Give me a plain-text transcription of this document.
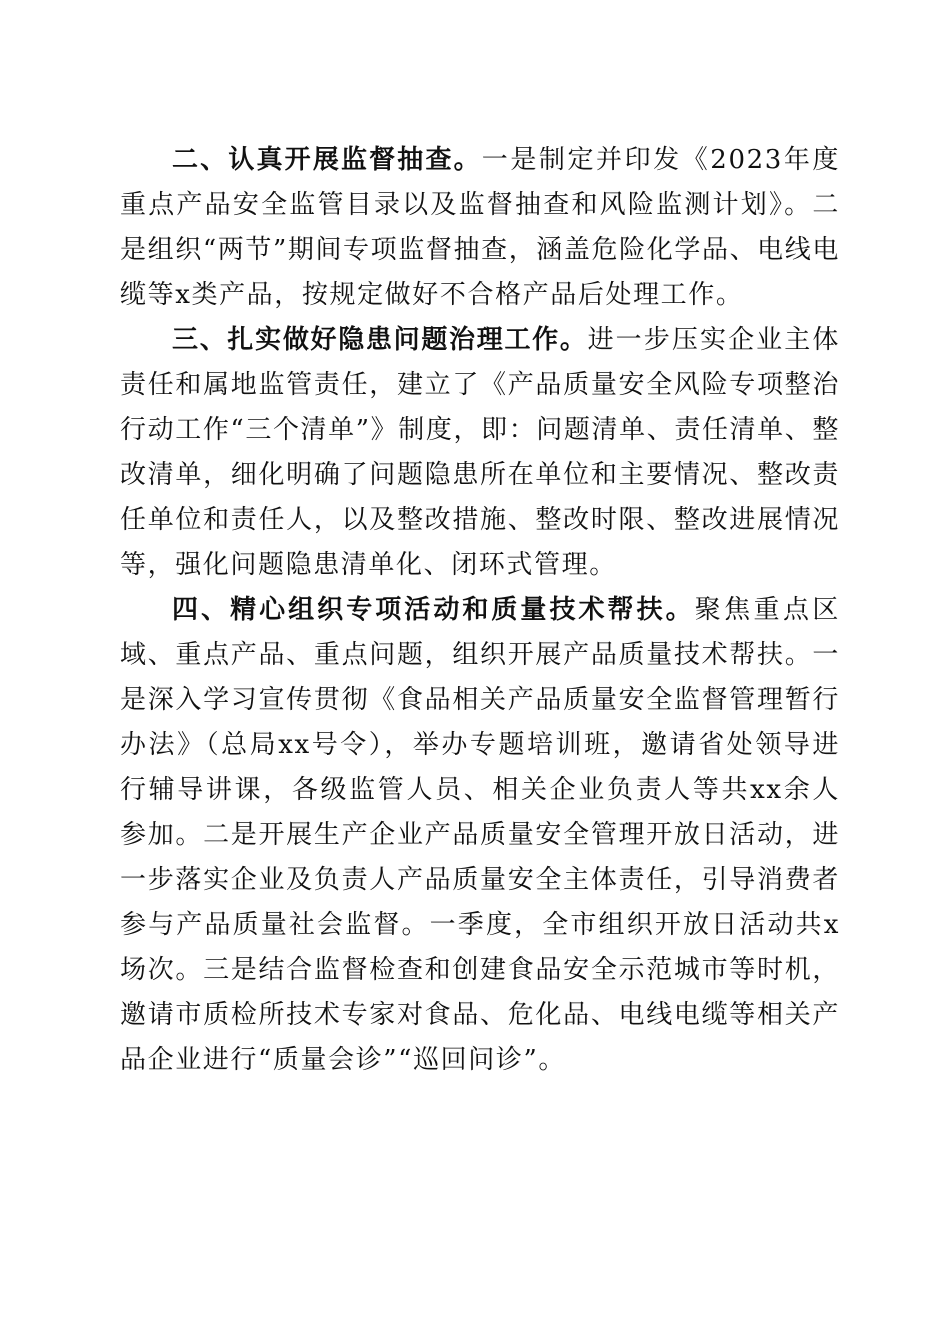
二、认真开展监督抽查。一是制定并印发《2023年度重点产品安全监管目录以及监督抽查和风险监测计划》。二是组织“两节”期间专项监督抽查，涵盖危险化学品、电线电缆等x类产品，按规定做好不合格产品后处理工作。

三、扎实做好隐患问题治理工作。进一步压实企业主体责任和属地监管责任，建立了《产品质量安全风险专项整治行动工作“三个清单”》制度，即：问题清单、责任清单、整改清单，细化明确了问题隐患所在单位和主要情况、整改责任单位和责任人，以及整改措施、整改时限、整改进展情况等，强化问题隐患清单化、闭环式管理。

四、精心组织专项活动和质量技术帮扶。聚焦重点区域、重点产品、重点问题，组织开展产品质量技术帮扶。一是深入学习宣传贯彻《食品相关产品质量安全监督管理暂行办法》（总局xx号令），举办专题培训班，邀请省处领导进行辅导讲课，各级监管人员、相关企业负责人等共xx余人参加。二是开展生产企业产品质量安全管理开放日活动，进一步落实企业及负责人产品质量安全主体责任，引导消费者参与产品质量社会监督。一季度，全市组织开放日活动共x场次。三是结合监督检查和创建食品安全示范城市等时机，邀请市质检所技术专家对食品、危化品、电线电缆等相关产品企业进行“质量会诊”“巡回问诊”。
